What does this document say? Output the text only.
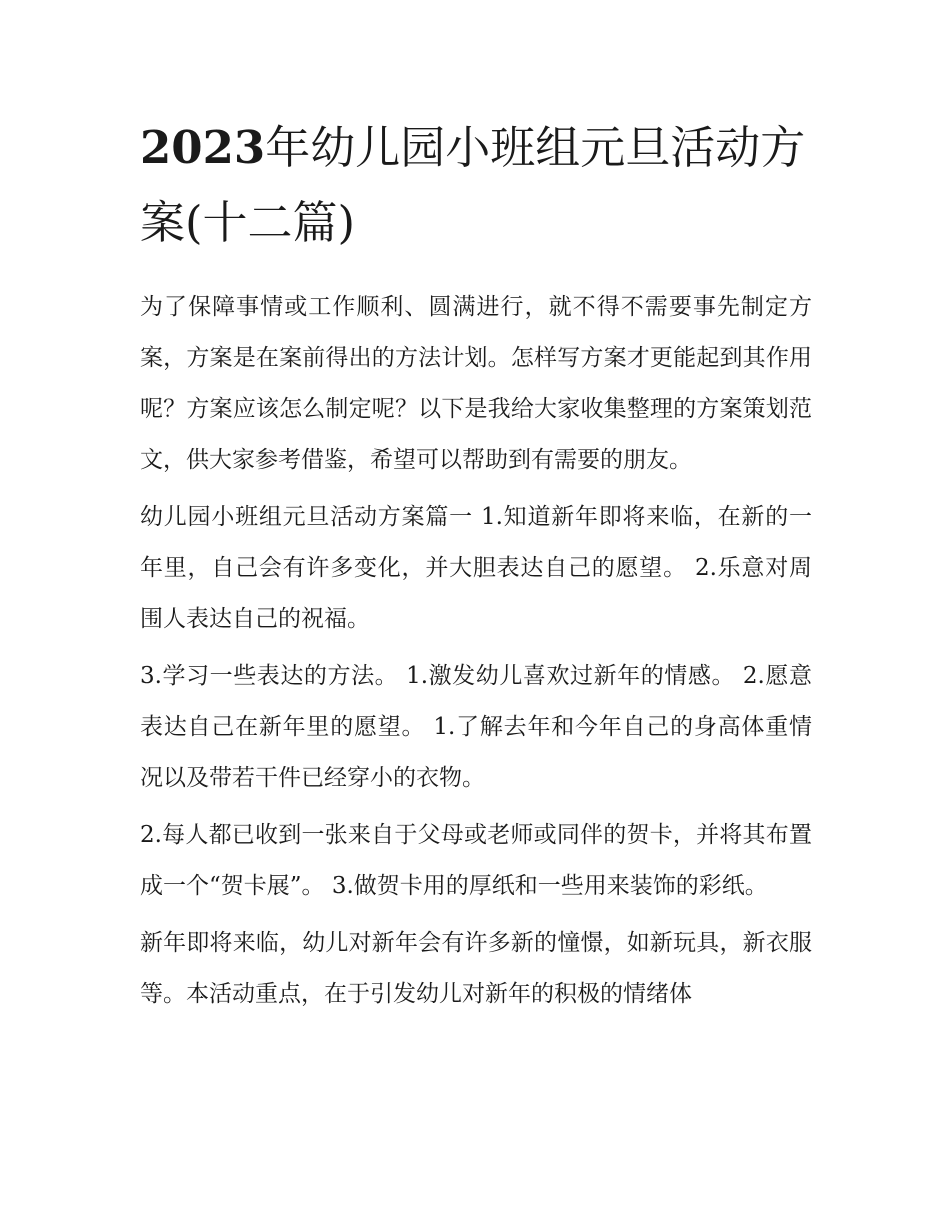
2023年幼儿园小班组元旦活动方案(十二篇)

为了保障事情或工作顺利、圆满进行，就不得不需要事先制定方案，方案是在案前得出的方法计划。怎样写方案才更能起到其作用呢？方案应该怎么制定呢？以下是我给大家收集整理的方案策划范文，供大家参考借鉴，希望可以帮助到有需要的朋友。

幼儿园小班组元旦活动方案篇一 1.知道新年即将来临，在新的一年里，自己会有许多变化，并大胆表达自己的愿望。 2.乐意对周围人表达自己的祝福。

3.学习一些表达的方法。 1.激发幼儿喜欢过新年的情感。 2.愿意表达自己在新年里的愿望。 1.了解去年和今年自己的身高体重情况以及带若干件已经穿小的衣物。

2.每人都已收到一张来自于父母或老师或同伴的贺卡，并将其布置成一个“贺卡展”。 3.做贺卡用的厚纸和一些用来装饰的彩纸。

新年即将来临，幼儿对新年会有许多新的憧憬，如新玩具，新衣服等。本活动重点，在于引发幼儿对新年的积极的情绪体
